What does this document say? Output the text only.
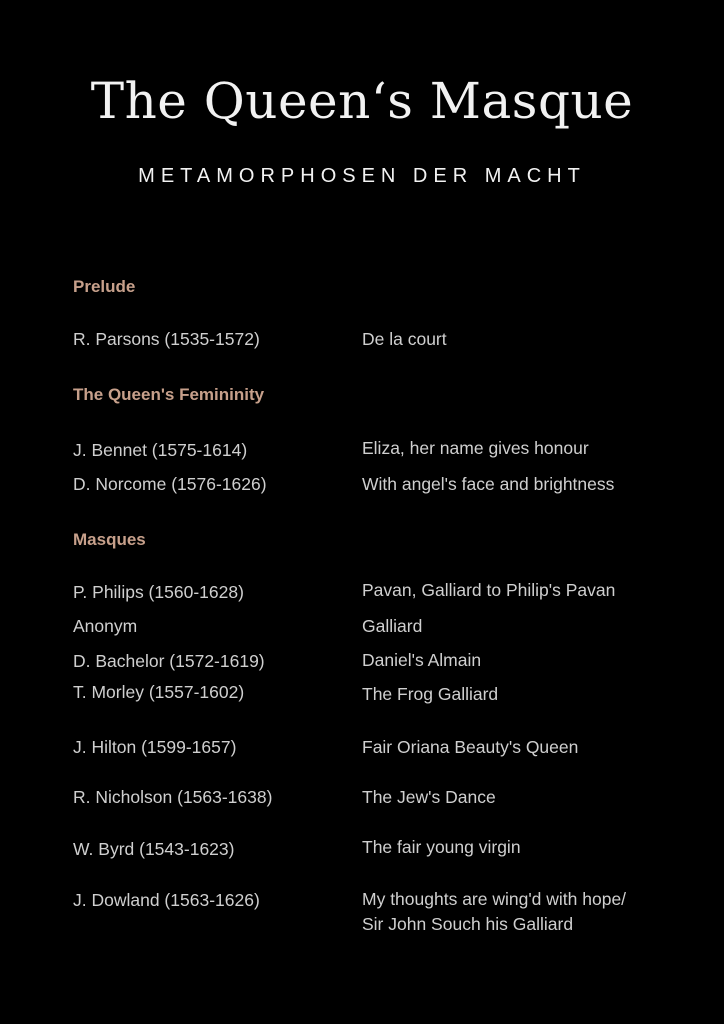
The Queen‘s Masque
METAMORPHOSEN DER MACHT
Prelude
R. Parsons (1535-1572)	De la court
The Queen's Femininity
J. Bennet (1575-1614)	Eliza, her name gives honour
D. Norcome (1576-1626)	With angel's face and brightness
Masques
P. Philips (1560-1628)	Pavan, Galliard to Philip's Pavan
Anonym	Galliard
D. Bachelor (1572-1619)	Daniel's Almain
T. Morley (1557-1602)	The Frog Galliard
J. Hilton (1599-1657)	Fair Oriana Beauty's Queen
R. Nicholson (1563-1638)	The Jew's Dance
W. Byrd (1543-1623)	The fair young virgin
J. Dowland (1563-1626)	My thoughts are wing'd with hope/
Sir John Souch his Galliard
